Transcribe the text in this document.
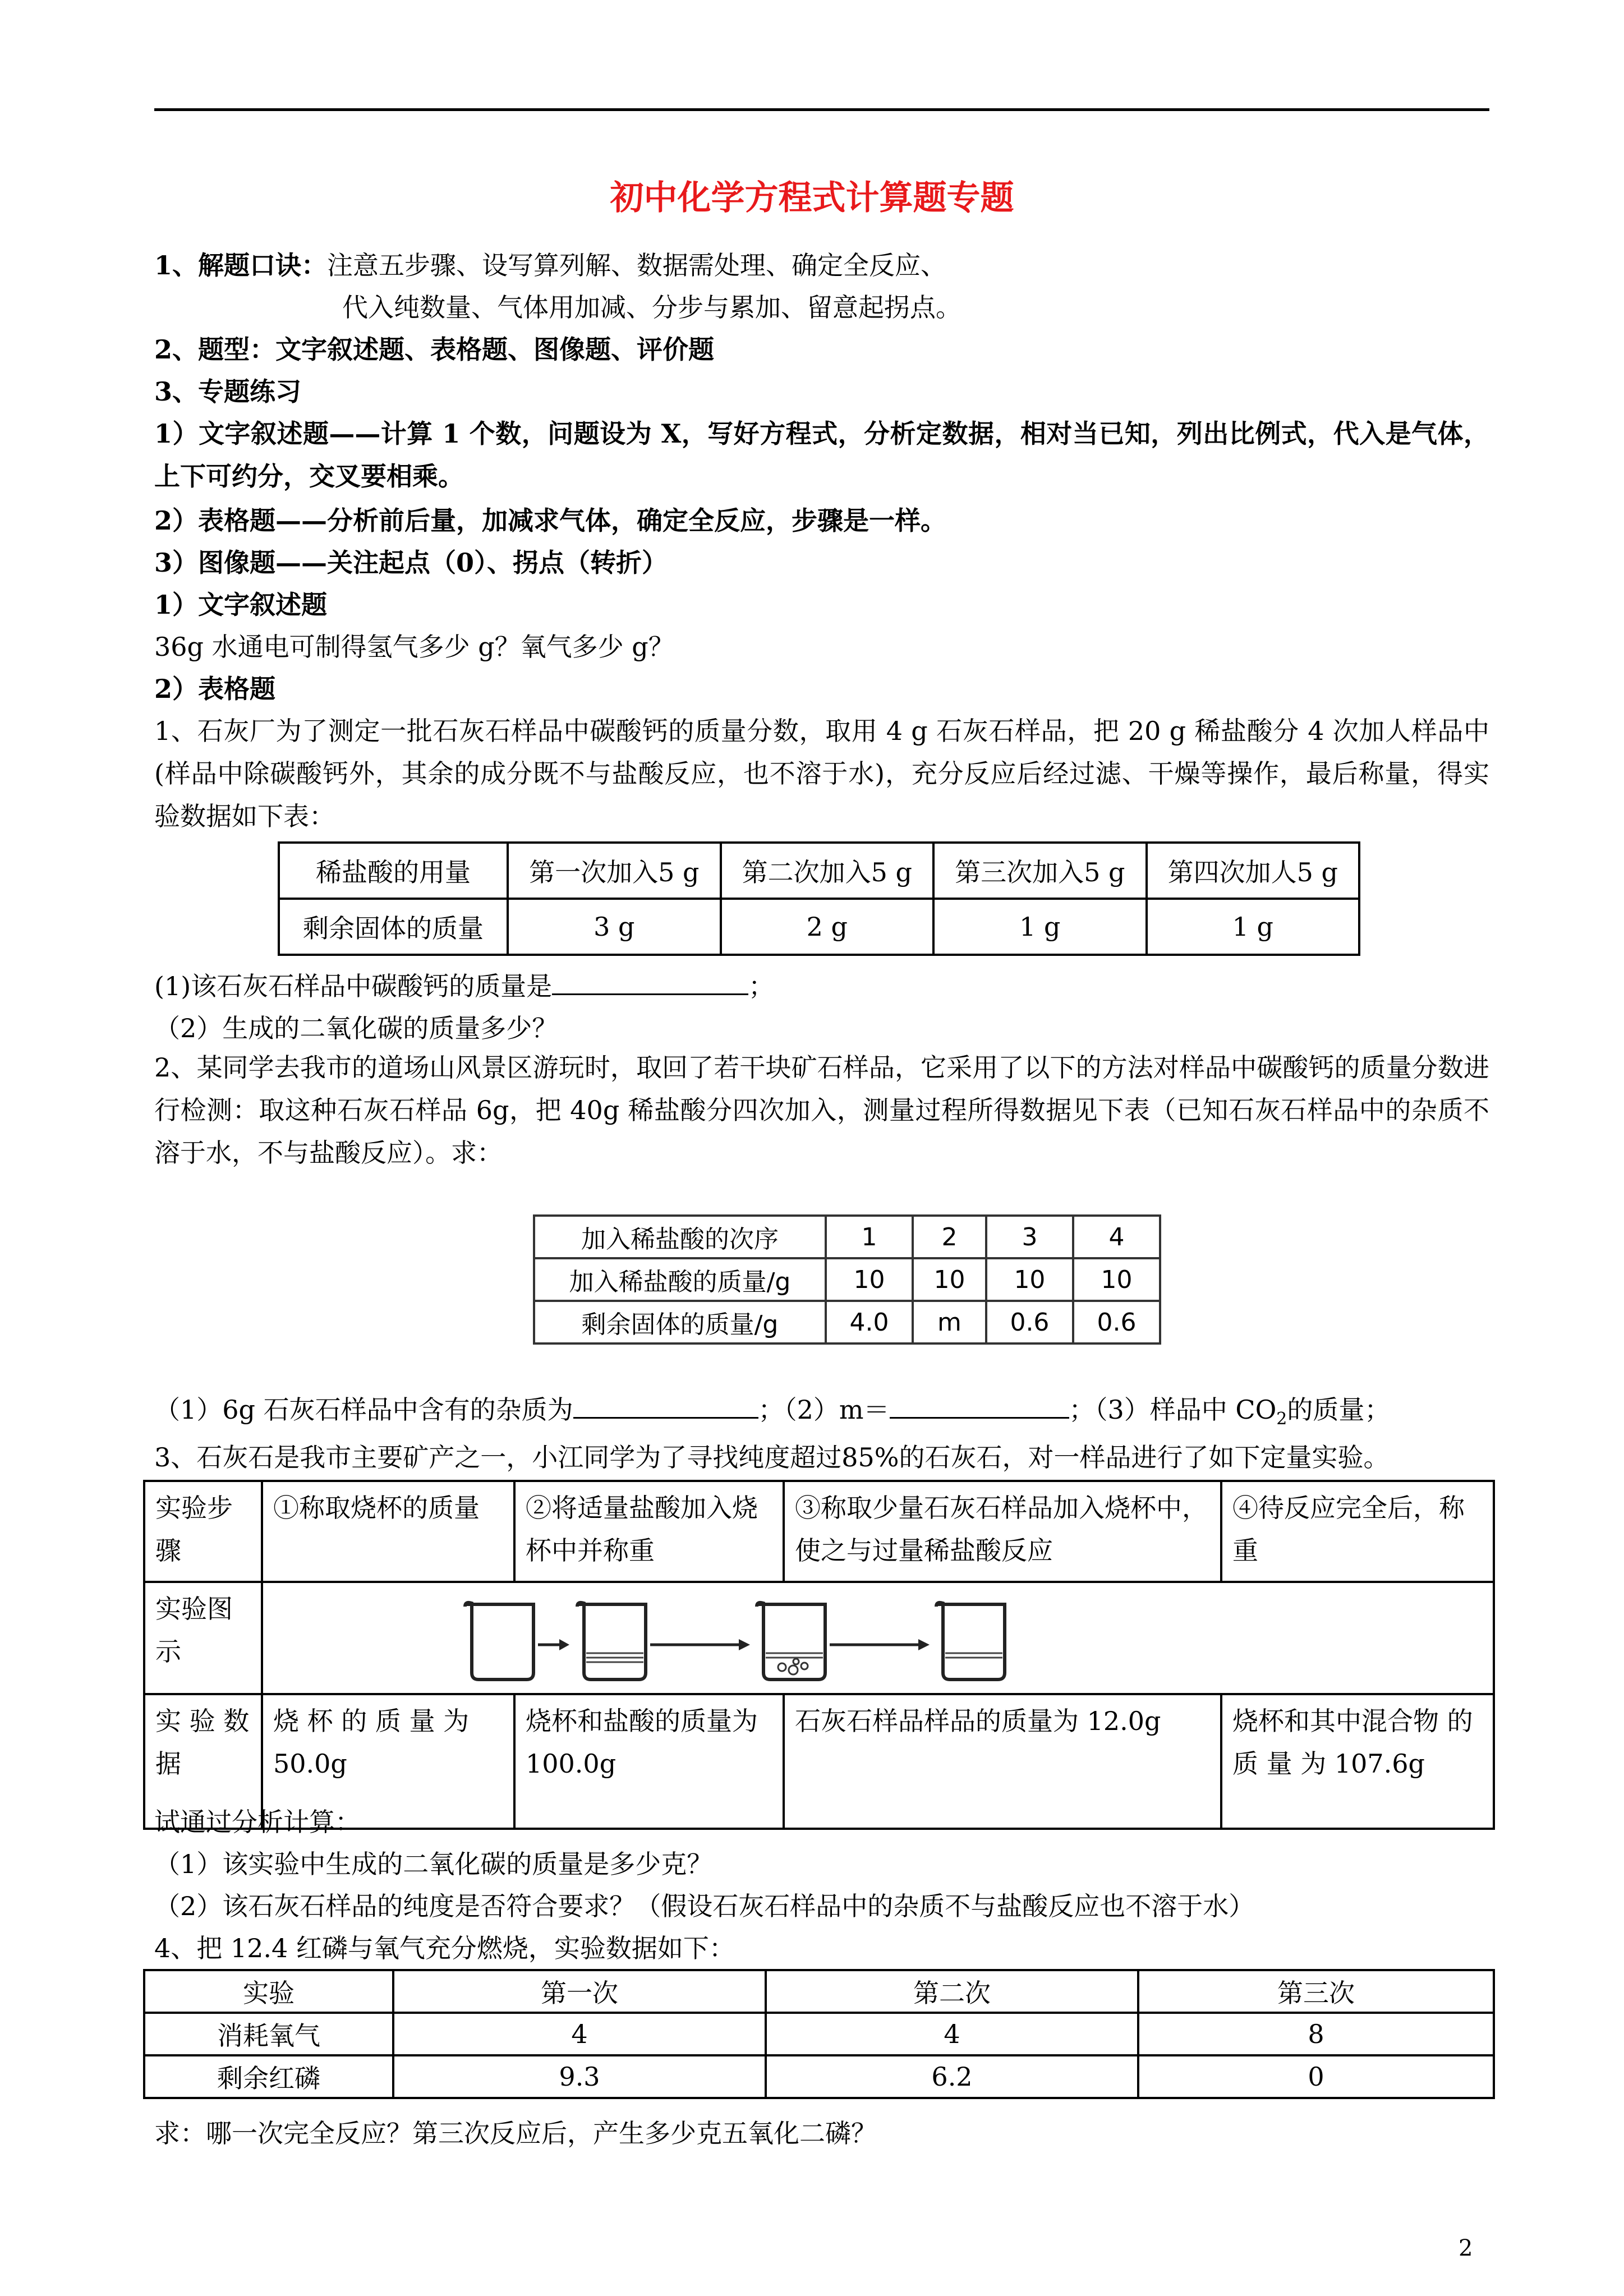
初中化学方程式计算题专题
1、解题口诀：注意五步骤、设写算列解、数据需处理、确定全反应、
代入纯数量、气体用加减、分步与累加、留意起拐点。
2、题型：文字叙述题、表格题、图像题、评价题
3、专题练习
1）文字叙述题——计算 1 个数，问题设为 X，写好方程式，分析定数据，相对当已知，列出比例式，代入是气体，上下可约分，交叉要相乘。
2）表格题——分析前后量，加减求气体，确定全反应，步骤是一样。
3）图像题——关注起点（0）、拐点（转折）
1）文字叙述题
36g 水通电可制得氢气多少 g？氧气多少 g？
2）表格题
1、石灰厂为了测定一批石灰石样品中碳酸钙的质量分数，取用 4 g 石灰石样品，把 20 g 稀盐酸分 4 次加人样品中(样品中除碳酸钙外，其余的成分既不与盐酸反应，也不溶于水)，充分反应后经过滤、干燥等操作，最后称量，得实验数据如下表：
稀盐酸的用量	第一次加入5 g	第二次加入5 g	第三次加入5 g	第四次加人5 g
剩余固体的质量	3 g	2 g	1 g	1 g
(1)该石灰石样品中碳酸钙的质量是	；
（2）生成的二氧化碳的质量多少？
2、某同学去我市的道场山风景区游玩时，取回了若干块矿石样品，它采用了以下的方法对样品中碳酸钙的质量分数进行检测：取这种石灰石样品 6g，把 40g 稀盐酸分四次加入，测量过程所得数据见下表（已知石灰石样品中的杂质不溶于水，不与盐酸反应）。求：
加入稀盐酸的次序	1	2	3	4
加入稀盐酸的质量/g	10	10	10	10
剩余固体的质量/g	4.0	m	0.6	0.6
（1）6g 石灰石样品中含有的杂质为	；（2）m＝	；（3）样品中 $CO_2$的质量；
3、石灰石是我市主要矿产之一，小江同学为了寻找纯度超过85%的石灰石，对一样品进行了如下定量实验。
实验步骤	①称取烧杯的质量	②将适量盐酸加入烧杯中并称重	③称取少量石灰石样品加入烧杯中，使之与过量稀盐酸反应	④待反应完全后，称重
实验图示	

实 验 数据	烧 杯 的 质 量 为 50.0g	烧杯和盐酸的质量为100.0g	石灰石样品样品的质量为 12.0g	烧杯和其中混合物 的 质 量 为 107.6g
试通过分析计算：
（1）该实验中生成的二氧化碳的质量是多少克？
（2）该石灰石样品的纯度是否符合要求？（假设石灰石样品中的杂质不与盐酸反应也不溶于水）
4、把 12.4 红磷与氧气充分燃烧，实验数据如下：
实验	第一次	第二次	第三次
消耗氧气	4	4	8
剩余红磷	9.3	6.2	0
求：哪一次完全反应？第三次反应后，产生多少克五氧化二磷？
2
